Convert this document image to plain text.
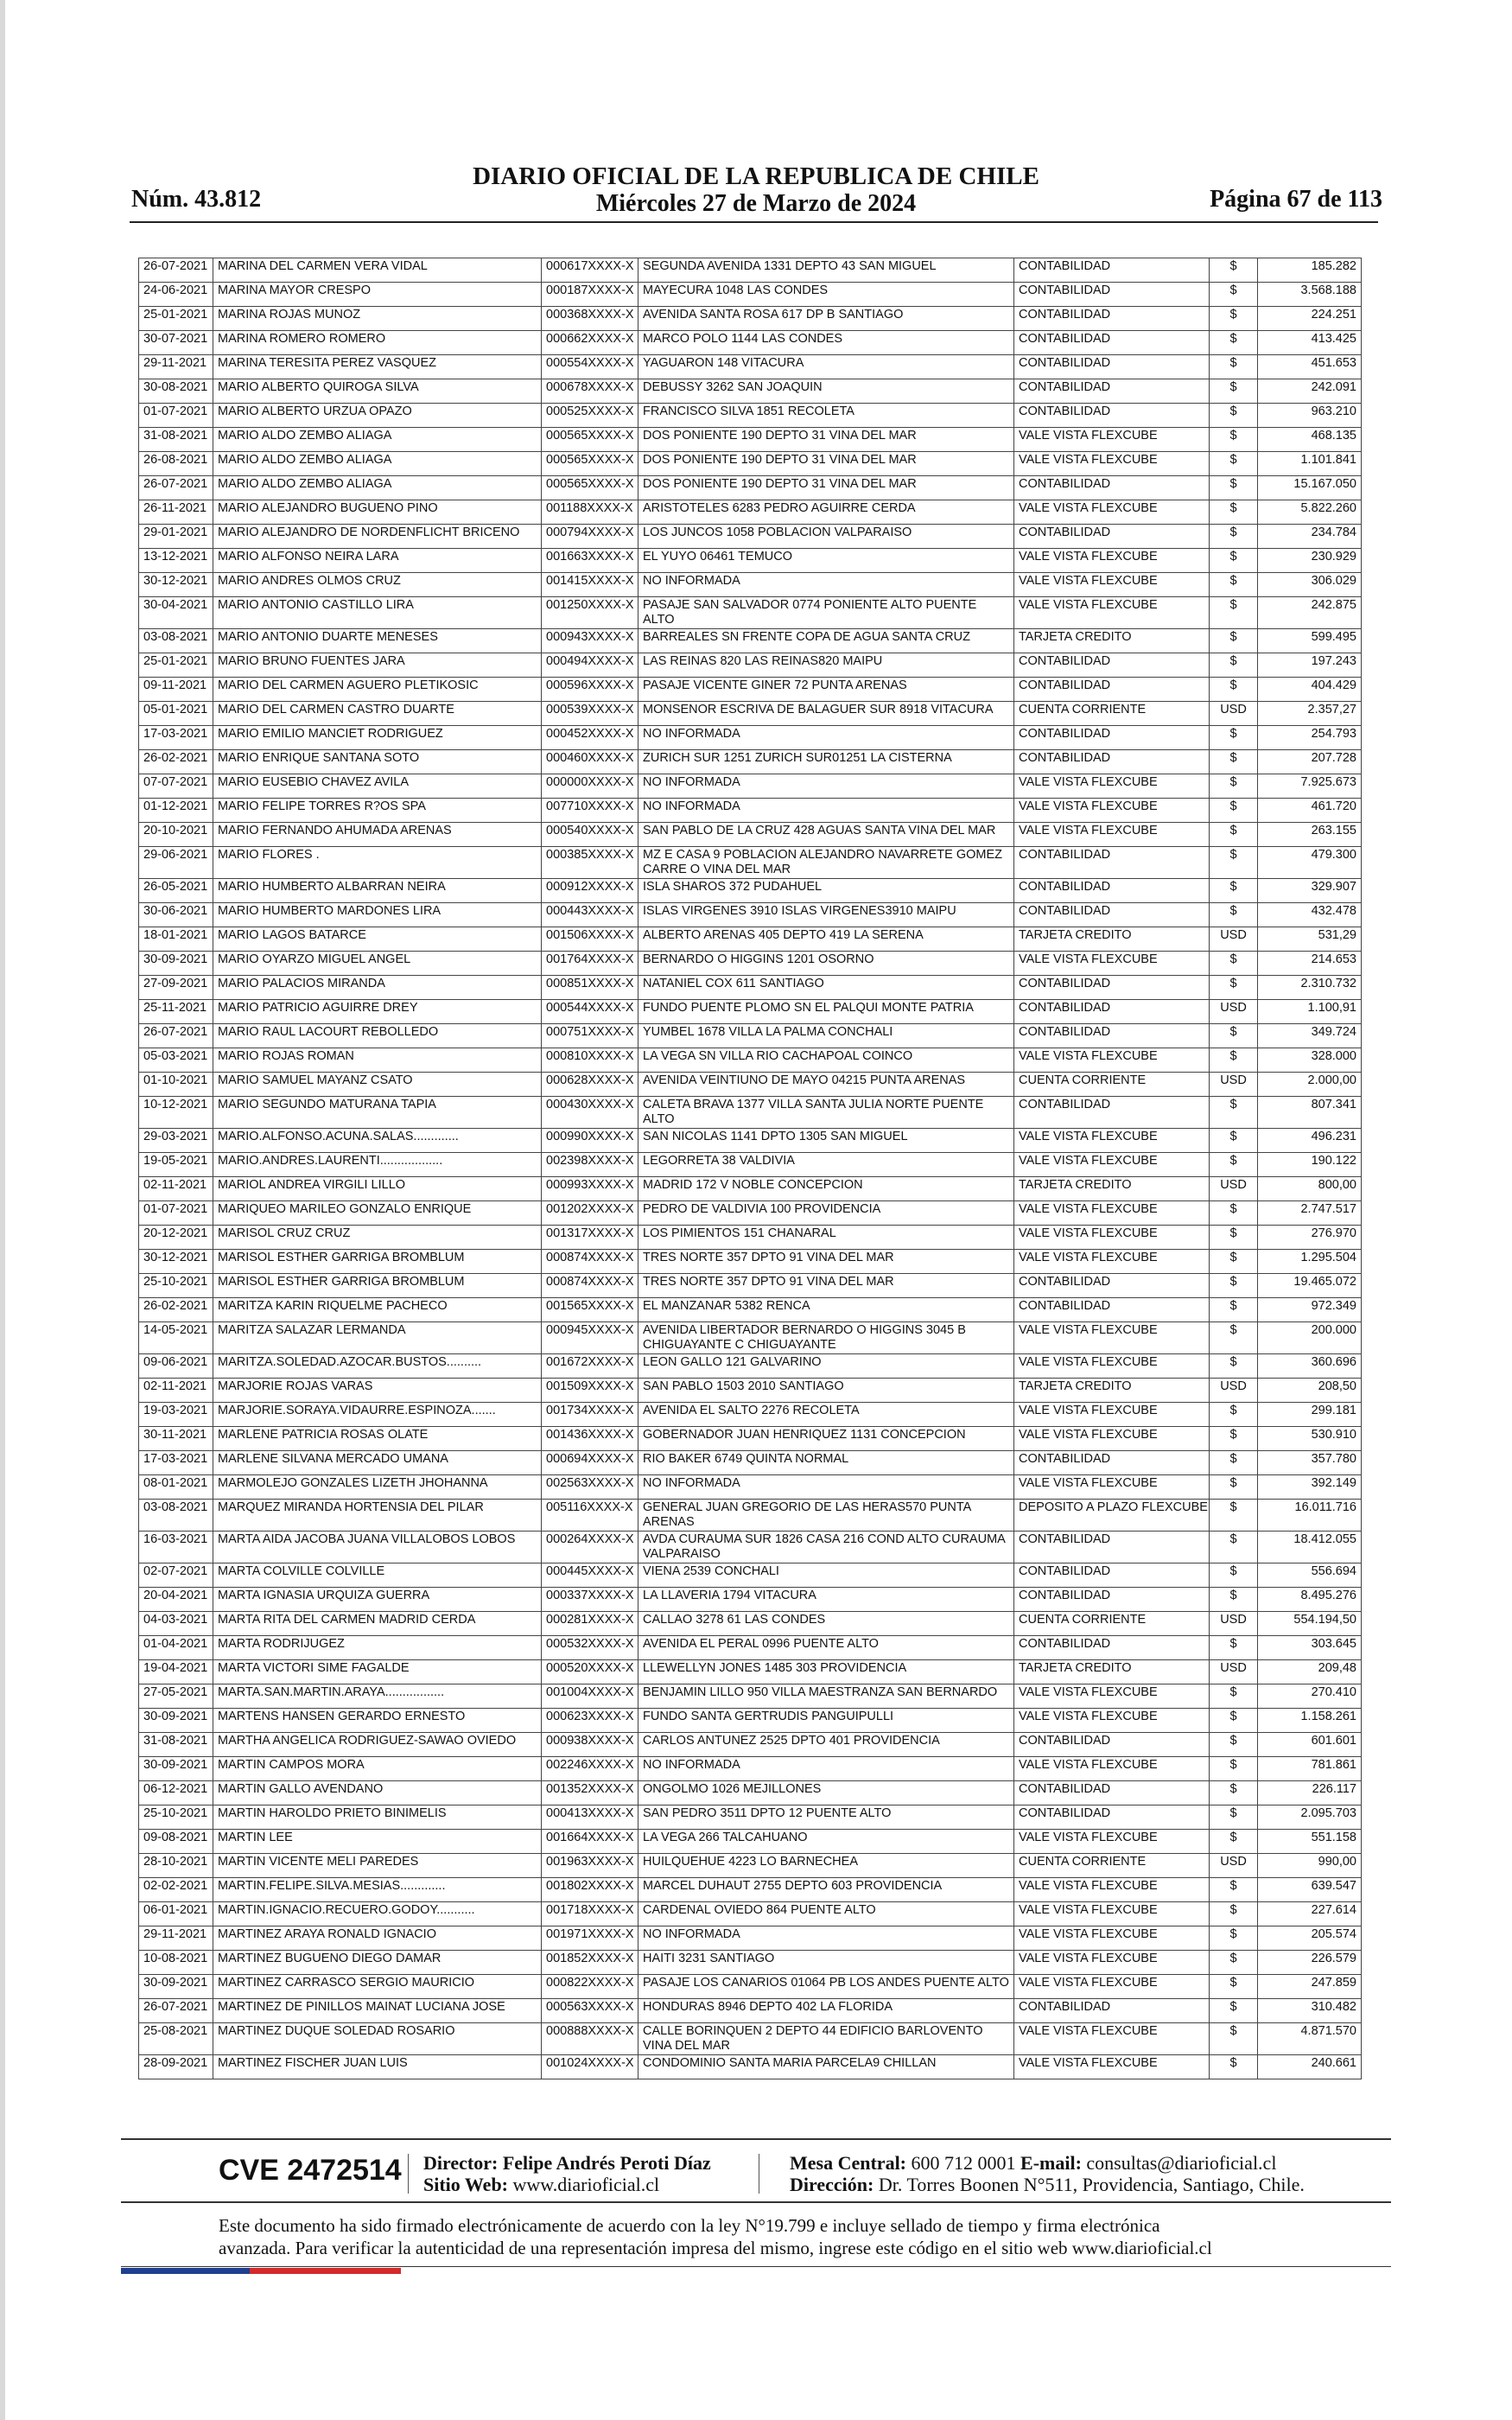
DIARIO OFICIAL DE LA REPUBLICA DE CHILE
Miércoles 27 de Marzo de 2024
Núm. 43.812	Página 67 de 113
26-07-2021	MARINA DEL CARMEN VERA VIDAL	000617XXXX-X	SEGUNDA AVENIDA 1331 DEPTO 43 SAN MIGUEL	CONTABILIDAD	$	185.282
24-06-2021	MARINA MAYOR CRESPO	000187XXXX-X	MAYECURA 1048 LAS CONDES	CONTABILIDAD	$	3.568.188
25-01-2021	MARINA ROJAS MUNOZ	000368XXXX-X	AVENIDA SANTA ROSA 617 DP B SANTIAGO	CONTABILIDAD	$	224.251
30-07-2021	MARINA ROMERO ROMERO	000662XXXX-X	MARCO POLO 1144 LAS CONDES	CONTABILIDAD	$	413.425
29-11-2021	MARINA TERESITA PEREZ VASQUEZ	000554XXXX-X	YAGUARON 148 VITACURA	CONTABILIDAD	$	451.653
30-08-2021	MARIO ALBERTO QUIROGA SILVA	000678XXXX-X	DEBUSSY 3262 SAN JOAQUIN	CONTABILIDAD	$	242.091
01-07-2021	MARIO ALBERTO URZUA OPAZO	000525XXXX-X	FRANCISCO SILVA 1851 RECOLETA	CONTABILIDAD	$	963.210
31-08-2021	MARIO ALDO ZEMBO ALIAGA	000565XXXX-X	DOS PONIENTE 190 DEPTO 31 VINA DEL MAR	VALE VISTA FLEXCUBE	$	468.135
26-08-2021	MARIO ALDO ZEMBO ALIAGA	000565XXXX-X	DOS PONIENTE 190 DEPTO 31 VINA DEL MAR	VALE VISTA FLEXCUBE	$	1.101.841
26-07-2021	MARIO ALDO ZEMBO ALIAGA	000565XXXX-X	DOS PONIENTE 190 DEPTO 31 VINA DEL MAR	CONTABILIDAD	$	15.167.050
26-11-2021	MARIO ALEJANDRO BUGUENO PINO	001188XXXX-X	ARISTOTELES 6283 PEDRO AGUIRRE CERDA	VALE VISTA FLEXCUBE	$	5.822.260
29-01-2021	MARIO ALEJANDRO DE NORDENFLICHT BRICENO	000794XXXX-X	LOS JUNCOS 1058 POBLACION VALPARAISO	CONTABILIDAD	$	234.784
13-12-2021	MARIO ALFONSO NEIRA LARA	001663XXXX-X	EL YUYO 06461 TEMUCO	VALE VISTA FLEXCUBE	$	230.929
30-12-2021	MARIO ANDRES OLMOS CRUZ	001415XXXX-X	NO INFORMADA	VALE VISTA FLEXCUBE	$	306.029
30-04-2021	MARIO ANTONIO CASTILLO LIRA	001250XXXX-X	PASAJE SAN SALVADOR 0774 PONIENTE ALTO PUENTE ALTO	VALE VISTA FLEXCUBE	$	242.875
03-08-2021	MARIO ANTONIO DUARTE MENESES	000943XXXX-X	BARREALES SN FRENTE COPA DE AGUA SANTA CRUZ	TARJETA CREDITO	$	599.495
25-01-2021	MARIO BRUNO FUENTES JARA	000494XXXX-X	LAS REINAS 820 LAS REINAS820 MAIPU	CONTABILIDAD	$	197.243
09-11-2021	MARIO DEL CARMEN AGUERO PLETIKOSIC	000596XXXX-X	PASAJE VICENTE GINER 72 PUNTA ARENAS	CONTABILIDAD	$	404.429
05-01-2021	MARIO DEL CARMEN CASTRO DUARTE	000539XXXX-X	MONSENOR ESCRIVA DE BALAGUER SUR 8918 VITACURA	CUENTA CORRIENTE	USD	2.357,27
17-03-2021	MARIO EMILIO MANCIET RODRIGUEZ	000452XXXX-X	NO INFORMADA	CONTABILIDAD	$	254.793
26-02-2021	MARIO ENRIQUE SANTANA SOTO	000460XXXX-X	ZURICH SUR 1251 ZURICH SUR01251 LA CISTERNA	CONTABILIDAD	$	207.728
07-07-2021	MARIO EUSEBIO CHAVEZ AVILA	000000XXXX-X	NO INFORMADA	VALE VISTA FLEXCUBE	$	7.925.673
01-12-2021	MARIO FELIPE TORRES R?OS SPA	007710XXXX-X	NO INFORMADA	VALE VISTA FLEXCUBE	$	461.720
20-10-2021	MARIO FERNANDO AHUMADA ARENAS	000540XXXX-X	SAN PABLO DE LA CRUZ 428 AGUAS SANTA VINA DEL MAR	VALE VISTA FLEXCUBE	$	263.155
29-06-2021	MARIO FLORES .	000385XXXX-X	MZ E CASA 9 POBLACION ALEJANDRO NAVARRETE GOMEZ CARRE O VINA DEL MAR	CONTABILIDAD	$	479.300
26-05-2021	MARIO HUMBERTO ALBARRAN NEIRA	000912XXXX-X	ISLA SHAROS 372 PUDAHUEL	CONTABILIDAD	$	329.907
30-06-2021	MARIO HUMBERTO MARDONES LIRA	000443XXXX-X	ISLAS VIRGENES 3910 ISLAS VIRGENES3910 MAIPU	CONTABILIDAD	$	432.478
18-01-2021	MARIO LAGOS BATARCE	001506XXXX-X	ALBERTO ARENAS 405 DEPTO 419 LA SERENA	TARJETA CREDITO	USD	531,29
30-09-2021	MARIO OYARZO MIGUEL ANGEL	001764XXXX-X	BERNARDO O HIGGINS 1201 OSORNO	VALE VISTA FLEXCUBE	$	214.653
27-09-2021	MARIO PALACIOS MIRANDA	000851XXXX-X	NATANIEL COX 611 SANTIAGO	CONTABILIDAD	$	2.310.732
25-11-2021	MARIO PATRICIO AGUIRRE DREY	000544XXXX-X	FUNDO PUENTE PLOMO SN EL PALQUI MONTE PATRIA	CONTABILIDAD	USD	1.100,91
26-07-2021	MARIO RAUL LACOURT REBOLLEDO	000751XXXX-X	YUMBEL 1678 VILLA LA PALMA CONCHALI	CONTABILIDAD	$	349.724
05-03-2021	MARIO ROJAS ROMAN	000810XXXX-X	LA VEGA SN VILLA RIO CACHAPOAL COINCO	VALE VISTA FLEXCUBE	$	328.000
01-10-2021	MARIO SAMUEL MAYANZ CSATO	000628XXXX-X	AVENIDA VEINTIUNO DE MAYO 04215 PUNTA ARENAS	CUENTA CORRIENTE	USD	2.000,00
10-12-2021	MARIO SEGUNDO MATURANA TAPIA	000430XXXX-X	CALETA BRAVA 1377 VILLA SANTA JULIA NORTE PUENTE ALTO	CONTABILIDAD	$	807.341
29-03-2021	MARIO.ALFONSO.ACUNA.SALAS.............	000990XXXX-X	SAN NICOLAS 1141 DPTO 1305 SAN MIGUEL	VALE VISTA FLEXCUBE	$	496.231
19-05-2021	MARIO.ANDRES.LAURENTI..................	002398XXXX-X	LEGORRETA 38 VALDIVIA	VALE VISTA FLEXCUBE	$	190.122
02-11-2021	MARIOL ANDREA VIRGILI LILLO	000993XXXX-X	MADRID 172 V NOBLE CONCEPCION	TARJETA CREDITO	USD	800,00
01-07-2021	MARIQUEO MARILEO GONZALO ENRIQUE	001202XXXX-X	PEDRO DE VALDIVIA 100 PROVIDENCIA	VALE VISTA FLEXCUBE	$	2.747.517
20-12-2021	MARISOL CRUZ CRUZ	001317XXXX-X	LOS PIMIENTOS 151 CHANARAL	VALE VISTA FLEXCUBE	$	276.970
30-12-2021	MARISOL ESTHER GARRIGA BROMBLUM	000874XXXX-X	TRES NORTE 357 DPTO 91 VINA DEL MAR	VALE VISTA FLEXCUBE	$	1.295.504
25-10-2021	MARISOL ESTHER GARRIGA BROMBLUM	000874XXXX-X	TRES NORTE 357 DPTO 91 VINA DEL MAR	CONTABILIDAD	$	19.465.072
26-02-2021	MARITZA KARIN RIQUELME PACHECO	001565XXXX-X	EL MANZANAR 5382 RENCA	CONTABILIDAD	$	972.349
14-05-2021	MARITZA SALAZAR LERMANDA	000945XXXX-X	AVENIDA LIBERTADOR BERNARDO O HIGGINS 3045 B CHIGUAYANTE C CHIGUAYANTE	VALE VISTA FLEXCUBE	$	200.000
09-06-2021	MARITZA.SOLEDAD.AZOCAR.BUSTOS..........	001672XXXX-X	LEON GALLO 121 GALVARINO	VALE VISTA FLEXCUBE	$	360.696
02-11-2021	MARJORIE ROJAS VARAS	001509XXXX-X	SAN PABLO 1503 2010 SANTIAGO	TARJETA CREDITO	USD	208,50
19-03-2021	MARJORIE.SORAYA.VIDAURRE.ESPINOZA.......	001734XXXX-X	AVENIDA EL SALTO 2276 RECOLETA	VALE VISTA FLEXCUBE	$	299.181
30-11-2021	MARLENE PATRICIA ROSAS OLATE	001436XXXX-X	GOBERNADOR JUAN HENRIQUEZ 1131 CONCEPCION	VALE VISTA FLEXCUBE	$	530.910
17-03-2021	MARLENE SILVANA MERCADO UMANA	000694XXXX-X	RIO BAKER 6749 QUINTA NORMAL	CONTABILIDAD	$	357.780
08-01-2021	MARMOLEJO GONZALES LIZETH JHOHANNA	002563XXXX-X	NO INFORMADA	VALE VISTA FLEXCUBE	$	392.149
03-08-2021	MARQUEZ MIRANDA HORTENSIA DEL PILAR	005116XXXX-X	GENERAL JUAN GREGORIO DE LAS HERAS570 PUNTA ARENAS	DEPOSITO A PLAZO FLEXCUBE	$	16.011.716
16-03-2021	MARTA AIDA JACOBA JUANA VILLALOBOS LOBOS	000264XXXX-X	AVDA CURAUMA SUR 1826 CASA 216 COND ALTO CURAUMA VALPARAISO	CONTABILIDAD	$	18.412.055
02-07-2021	MARTA COLVILLE COLVILLE	000445XXXX-X	VIENA 2539 CONCHALI	CONTABILIDAD	$	556.694
20-04-2021	MARTA IGNASIA URQUIZA GUERRA	000337XXXX-X	LA LLAVERIA 1794 VITACURA	CONTABILIDAD	$	8.495.276
04-03-2021	MARTA RITA DEL CARMEN MADRID CERDA	000281XXXX-X	CALLAO 3278 61 LAS CONDES	CUENTA CORRIENTE	USD	554.194,50
01-04-2021	MARTA RODRIJUGEZ	000532XXXX-X	AVENIDA EL PERAL 0996 PUENTE ALTO	CONTABILIDAD	$	303.645
19-04-2021	MARTA VICTORI SIME FAGALDE	000520XXXX-X	LLEWELLYN JONES 1485 303 PROVIDENCIA	TARJETA CREDITO	USD	209,48
27-05-2021	MARTA.SAN.MARTIN.ARAYA.................	001004XXXX-X	BENJAMIN LILLO 950 VILLA MAESTRANZA SAN BERNARDO	VALE VISTA FLEXCUBE	$	270.410
30-09-2021	MARTENS HANSEN GERARDO ERNESTO	000623XXXX-X	FUNDO SANTA GERTRUDIS PANGUIPULLI	VALE VISTA FLEXCUBE	$	1.158.261
31-08-2021	MARTHA ANGELICA RODRIGUEZ-SAWAO OVIEDO	000938XXXX-X	CARLOS ANTUNEZ 2525 DPTO 401 PROVIDENCIA	CONTABILIDAD	$	601.601
30-09-2021	MARTIN CAMPOS MORA	002246XXXX-X	NO INFORMADA	VALE VISTA FLEXCUBE	$	781.861
06-12-2021	MARTIN GALLO AVENDANO	001352XXXX-X	ONGOLMO 1026 MEJILLONES	CONTABILIDAD	$	226.117
25-10-2021	MARTIN HAROLDO PRIETO BINIMELIS	000413XXXX-X	SAN PEDRO 3511 DPTO 12 PUENTE ALTO	CONTABILIDAD	$	2.095.703
09-08-2021	MARTIN LEE	001664XXXX-X	LA VEGA 266 TALCAHUANO	VALE VISTA FLEXCUBE	$	551.158
28-10-2021	MARTIN VICENTE MELI PAREDES	001963XXXX-X	HUILQUEHUE 4223 LO BARNECHEA	CUENTA CORRIENTE	USD	990,00
02-02-2021	MARTIN.FELIPE.SILVA.MESIAS.............	001802XXXX-X	MARCEL DUHAUT 2755 DEPTO 603 PROVIDENCIA	VALE VISTA FLEXCUBE	$	639.547
06-01-2021	MARTIN.IGNACIO.RECUERO.GODOY...........	001718XXXX-X	CARDENAL OVIEDO 864 PUENTE ALTO	VALE VISTA FLEXCUBE	$	227.614
29-11-2021	MARTINEZ ARAYA RONALD IGNACIO	001971XXXX-X	NO INFORMADA	VALE VISTA FLEXCUBE	$	205.574
10-08-2021	MARTINEZ BUGUENO DIEGO DAMAR	001852XXXX-X	HAITI 3231 SANTIAGO	VALE VISTA FLEXCUBE	$	226.579
30-09-2021	MARTINEZ CARRASCO SERGIO MAURICIO	000822XXXX-X	PASAJE LOS CANARIOS 01064 PB LOS ANDES PUENTE ALTO	VALE VISTA FLEXCUBE	$	247.859
26-07-2021	MARTINEZ DE PINILLOS MAINAT LUCIANA JOSE	000563XXXX-X	HONDURAS 8946 DEPTO 402 LA FLORIDA	CONTABILIDAD	$	310.482
25-08-2021	MARTINEZ DUQUE SOLEDAD ROSARIO	000888XXXX-X	CALLE BORINQUEN 2 DEPTO 44 EDIFICIO BARLOVENTO VINA DEL MAR	VALE VISTA FLEXCUBE	$	4.871.570
28-09-2021	MARTINEZ FISCHER JUAN LUIS	001024XXXX-X	CONDOMINIO SANTA MARIA PARCELA9 CHILLAN	VALE VISTA FLEXCUBE	$	240.661
CVE 2472514 Director: Felipe Andrés Peroti Díaz
Sitio Web: www.diarioficial.cl
Mesa Central: 600 712 0001 E-mail: consultas@diarioficial.cl
Dirección: Dr. Torres Boonen N°511, Providencia, Santiago, Chile.
Este documento ha sido firmado electrónicamente de acuerdo con la ley N°19.799 e incluye sellado de tiempo y firma electrónica
avanzada. Para verificar la autenticidad de una representación impresa del mismo, ingrese este código en el sitio web www.diarioficial.cl
